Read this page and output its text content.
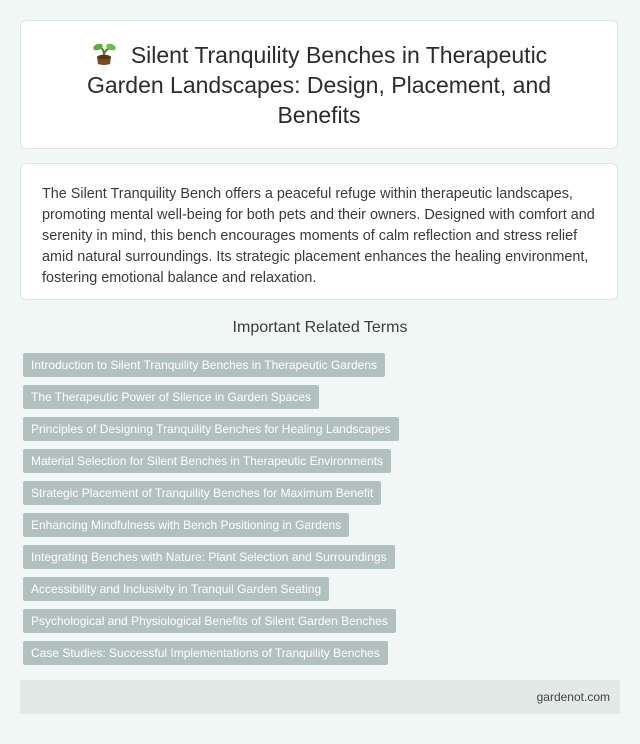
Silent Tranquility Benches in Therapeutic Garden Landscapes: Design, Placement, and Benefits

The Silent Tranquility Bench offers a peaceful refuge within therapeutic landscapes, promoting mental well-being for both pets and their owners. Designed with comfort and serenity in mind, this bench encourages moments of calm reflection and stress relief amid natural surroundings. Its strategic placement enhances the healing environment, fostering emotional balance and relaxation.

Important Related Terms
Introduction to Silent Tranquility Benches in Therapeutic Gardens
The Therapeutic Power of Silence in Garden Spaces
Principles of Designing Tranquility Benches for Healing Landscapes
Material Selection for Silent Benches in Therapeutic Environments
Strategic Placement of Tranquility Benches for Maximum Benefit
Enhancing Mindfulness with Bench Positioning in Gardens
Integrating Benches with Nature: Plant Selection and Surroundings
Accessibility and Inclusivity in Tranquil Garden Seating
Psychological and Physiological Benefits of Silent Garden Benches
Case Studies: Successful Implementations of Tranquility Benches
gardenot.com
